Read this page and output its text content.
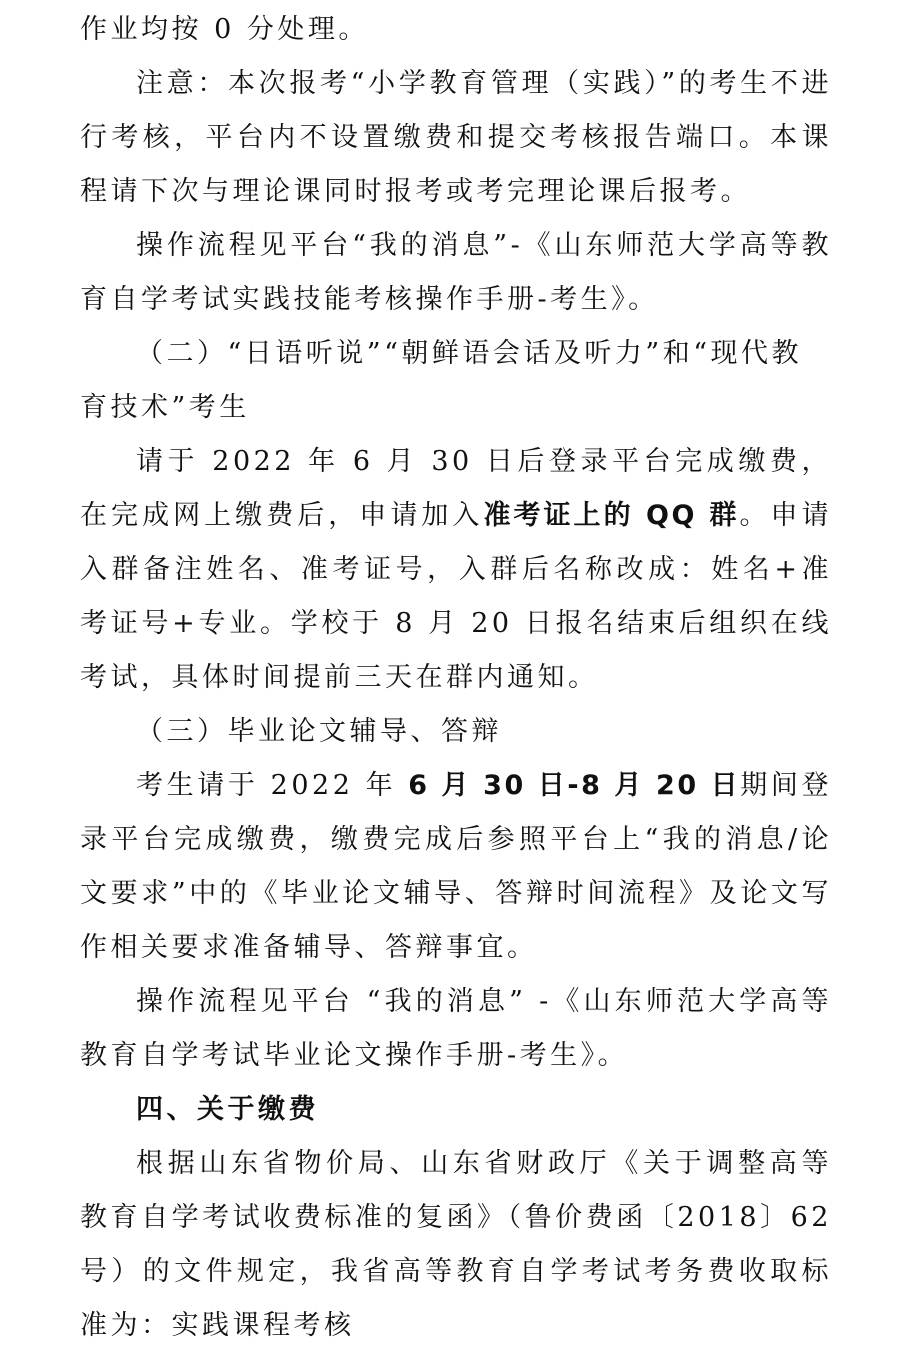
作业均按 0 分处理。

注意：本次报考“小学教育管理（实践）”的考生不进行考核，平台内不设置缴费和提交考核报告端口。本课程请下次与理论课同时报考或考完理论课后报考。

操作流程见平台“我的消息”-《山东师范大学高等教育自学考试实践技能考核操作手册-考生》。

（二）“日语听说”“朝鲜语会话及听力”和“现代教育技术”考生

请于 2022 年 6 月 30 日后登录平台完成缴费，在完成网上缴费后，申请加入准考证上的 QQ 群。申请入群备注姓名、准考证号，入群后名称改成：姓名+准考证号+专业。学校于 8 月 20 日报名结束后组织在线考试，具体时间提前三天在群内通知。

（三）毕业论文辅导、答辩

考生请于 2022 年 6 月 30 日-8 月 20 日期间登录平台完成缴费，缴费完成后参照平台上“我的消息/论文要求”中的《毕业论文辅导、答辩时间流程》及论文写作相关要求准备辅导、答辩事宜。

操作流程见平台 “我的消息” -《山东师范大学高等教育自学考试毕业论文操作手册-考生》。

四、关于缴费

根据山东省物价局、山东省财政厅《关于调整高等教育自学考试收费标准的复函》（鲁价费函〔2018〕62 号）的文件规定，我省高等教育自学考试考务费收取标准为：实践课程考核
